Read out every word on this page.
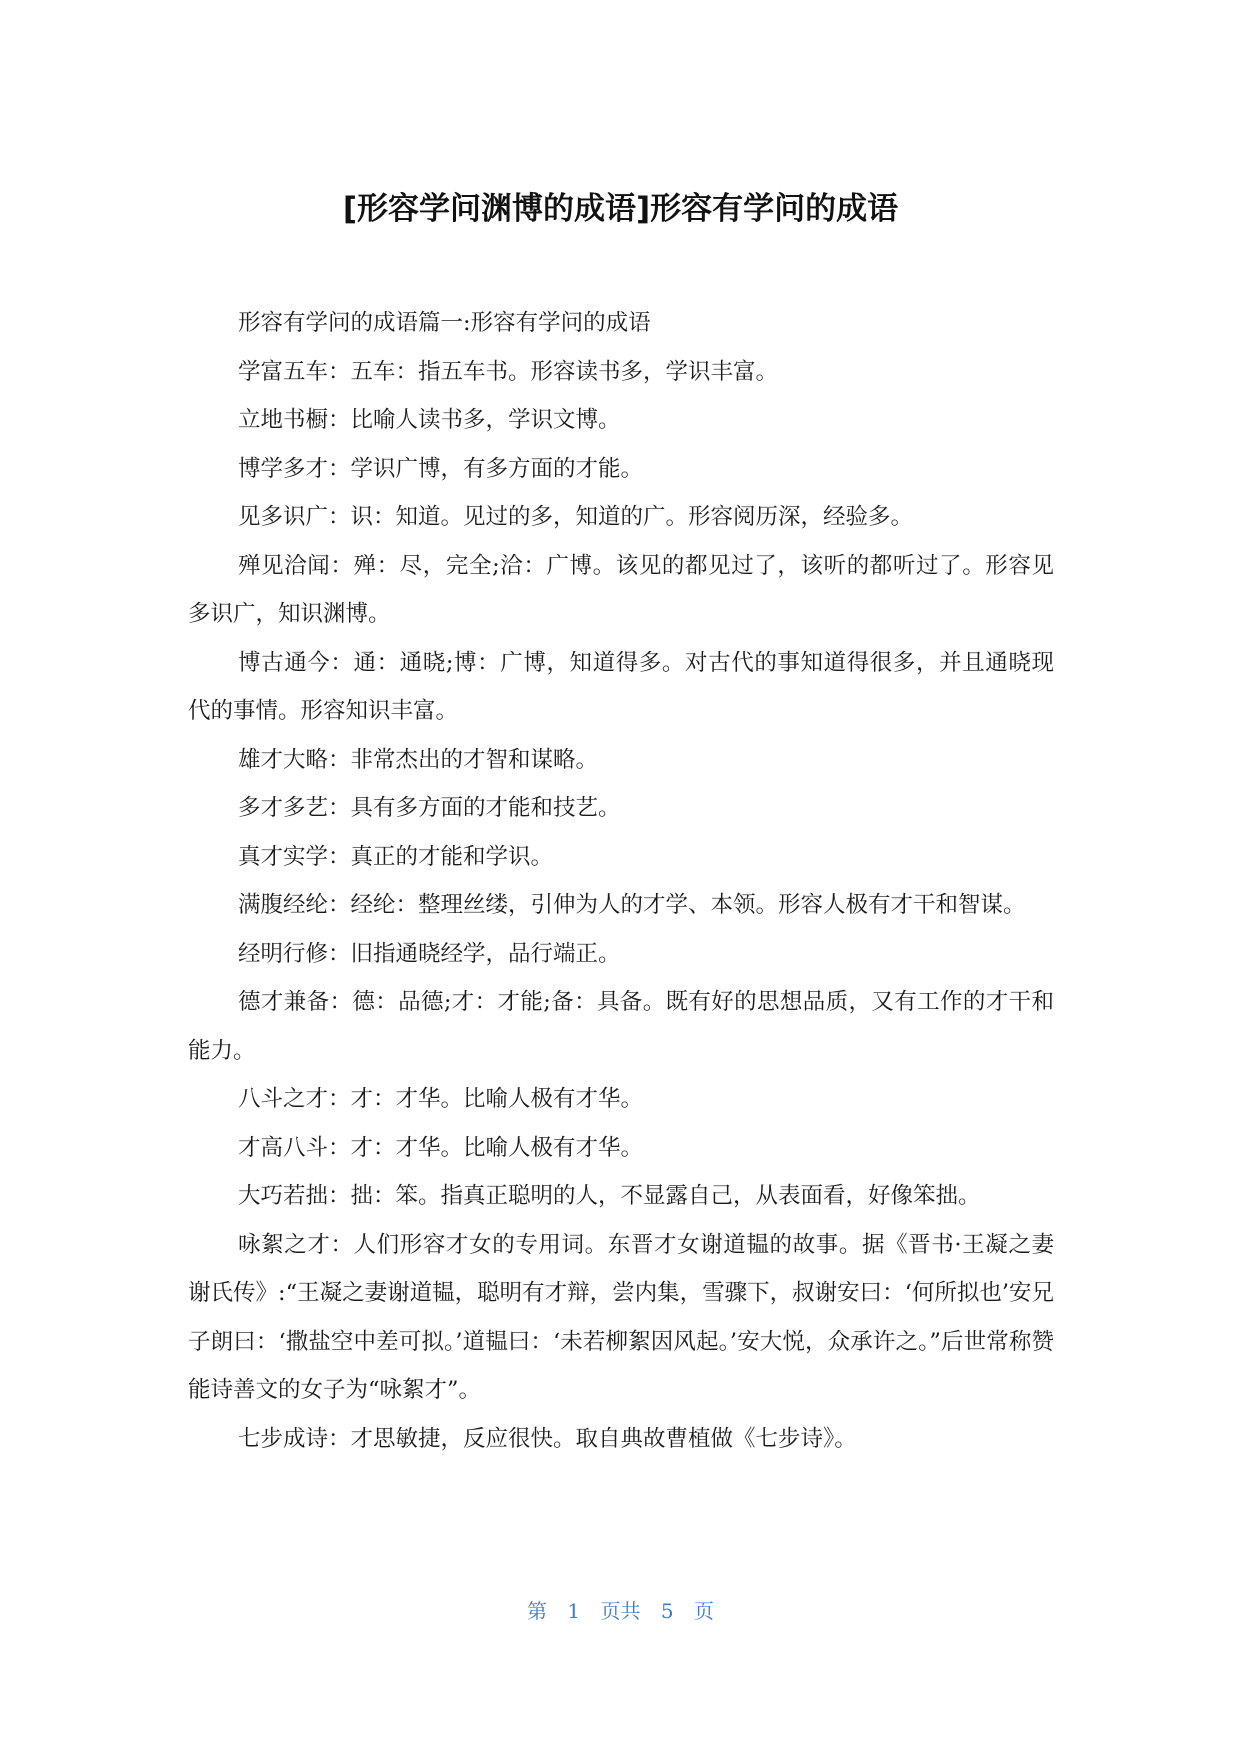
[形容学问渊博的成语]形容有学问的成语

形容有学问的成语篇一:形容有学问的成语

学富五车：五车：指五车书。形容读书多，学识丰富。

立地书橱：比喻人读书多，学识文博。

博学多才：学识广博，有多方面的才能。

见多识广：识：知道。见过的多，知道的广。形容阅历深，经验多。

殚见洽闻：殚：尽，完全;洽：广博。该见的都见过了，该听的都听过了。形容见多识广，知识渊博。

博古通今：通：通晓;博：广博，知道得多。对古代的事知道得很多，并且通晓现代的事情。形容知识丰富。

雄才大略：非常杰出的才智和谋略。

多才多艺：具有多方面的才能和技艺。

真才实学：真正的才能和学识。

满腹经纶：经纶：整理丝缕，引伸为人的才学、本领。形容人极有才干和智谋。

经明行修：旧指通晓经学，品行端正。

德才兼备：德：品德;才：才能;备：具备。既有好的思想品质，又有工作的才干和能力。

八斗之才：才：才华。比喻人极有才华。

才高八斗：才：才华。比喻人极有才华。

大巧若拙：拙：笨。指真正聪明的人，不显露自己，从表面看，好像笨拙。

咏絮之才：人们形容才女的专用词。东晋才女谢道韫的故事。据《晋书·王凝之妻谢氏传》:“王凝之妻谢道韫，聪明有才辩，尝内集，雪骤下，叔谢安曰：‘何所拟也’安兄子朗曰：‘撒盐空中差可拟。’道韫曰：‘未若柳絮因风起。’安大悦，众承许之。”后世常称赞能诗善文的女子为“咏絮才”。

七步成诗：才思敏捷，反应很快。取自典故曹植做《七步诗》。

第 1 页共 5 页
